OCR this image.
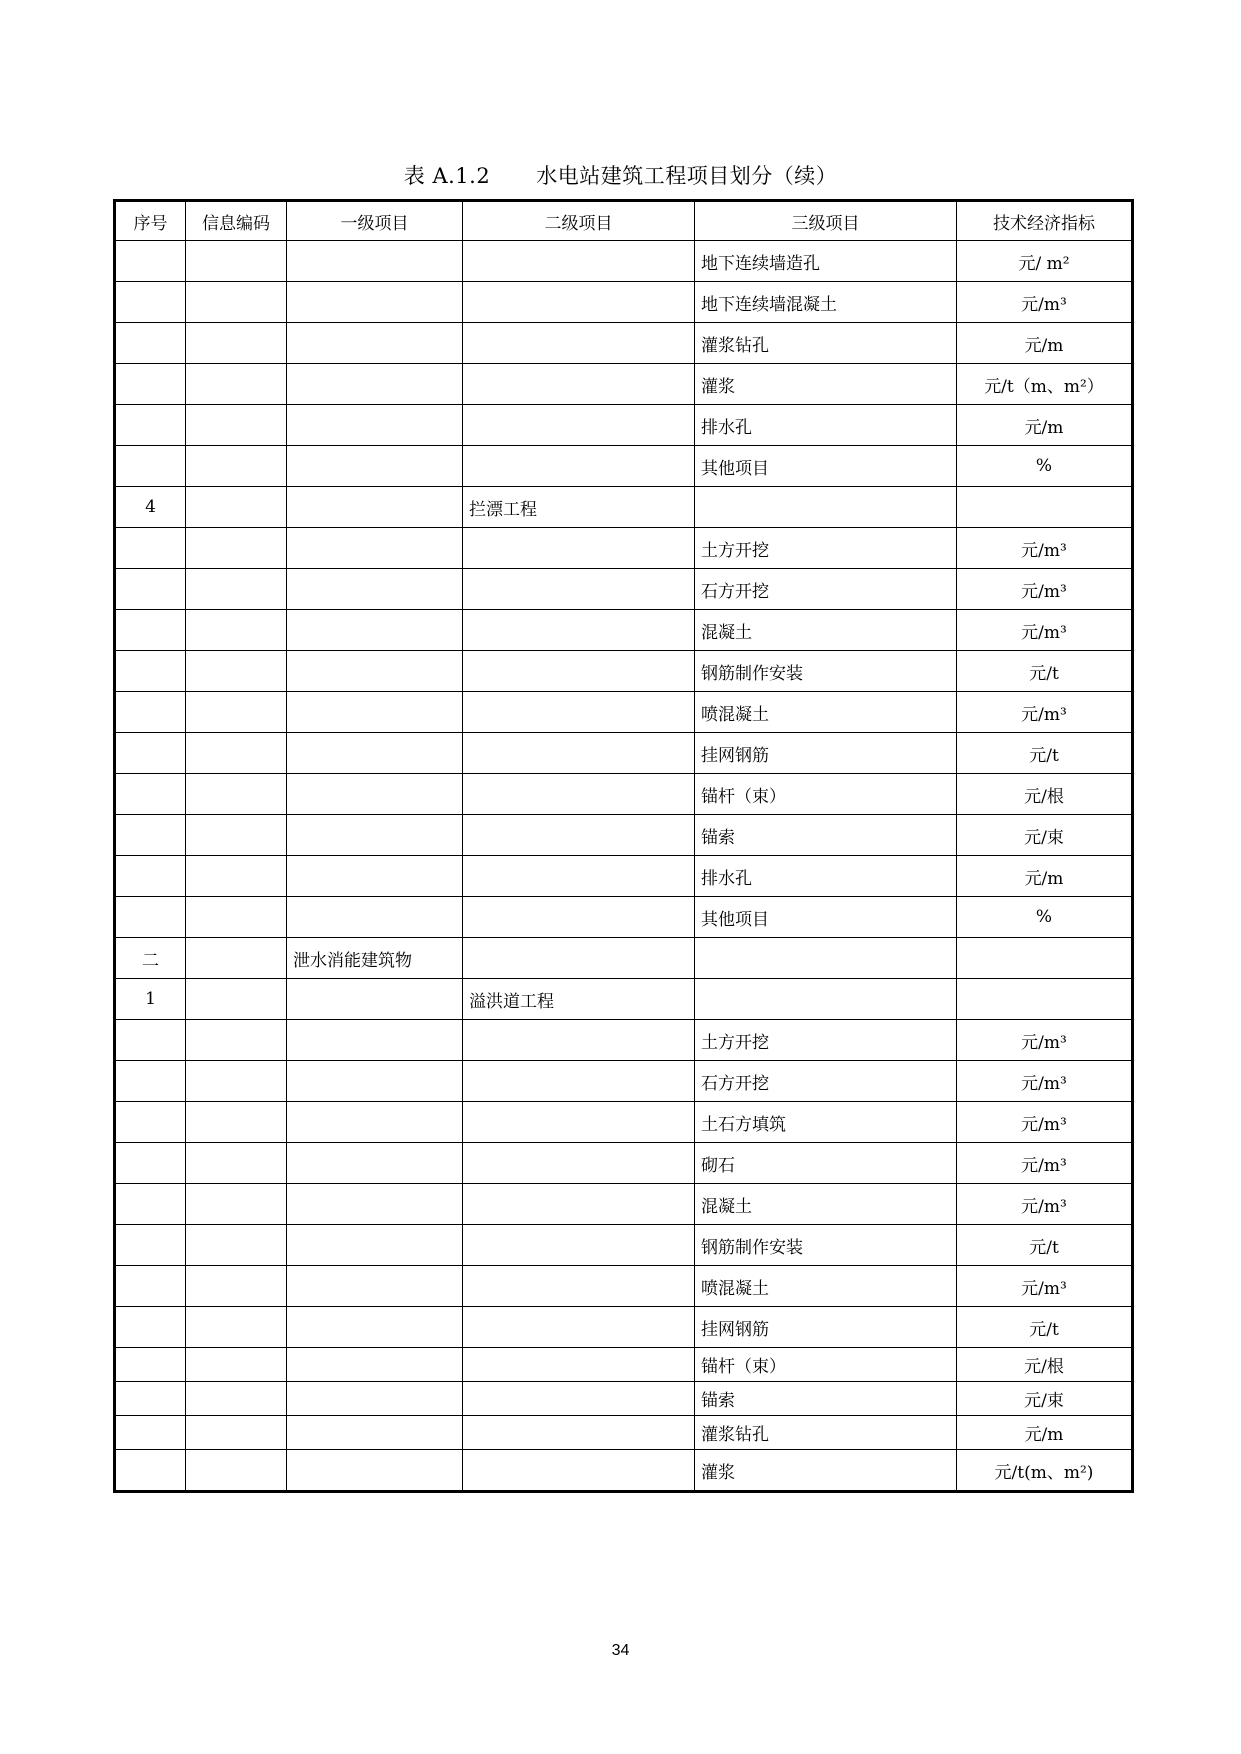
表 A.1.2 水电站建筑工程项目划分（续）
序号	信息编码	一级项目	二级项目	三级项目	技术经济指标
				地下连续墙造孔	元/ m²
				地下连续墙混凝土	元/m³
				灌浆钻孔	元/m
				灌浆	元/t（m、m²）
				排水孔	元/m
				其他项目	%
4			拦漂工程		
				土方开挖	元/m³
				石方开挖	元/m³
				混凝土	元/m³
				钢筋制作安装	元/t
				喷混凝土	元/m³
				挂网钢筋	元/t
				锚杆（束）	元/根
				锚索	元/束
				排水孔	元/m
				其他项目	%
二		泄水消能建筑物			
1			溢洪道工程		
				土方开挖	元/m³
				石方开挖	元/m³
				土石方填筑	元/m³
				砌石	元/m³
				混凝土	元/m³
				钢筋制作安装	元/t
				喷混凝土	元/m³
				挂网钢筋	元/t
				锚杆（束）	元/根
				锚索	元/束
				灌浆钻孔	元/m
				灌浆	元/t(m、m²)
34
